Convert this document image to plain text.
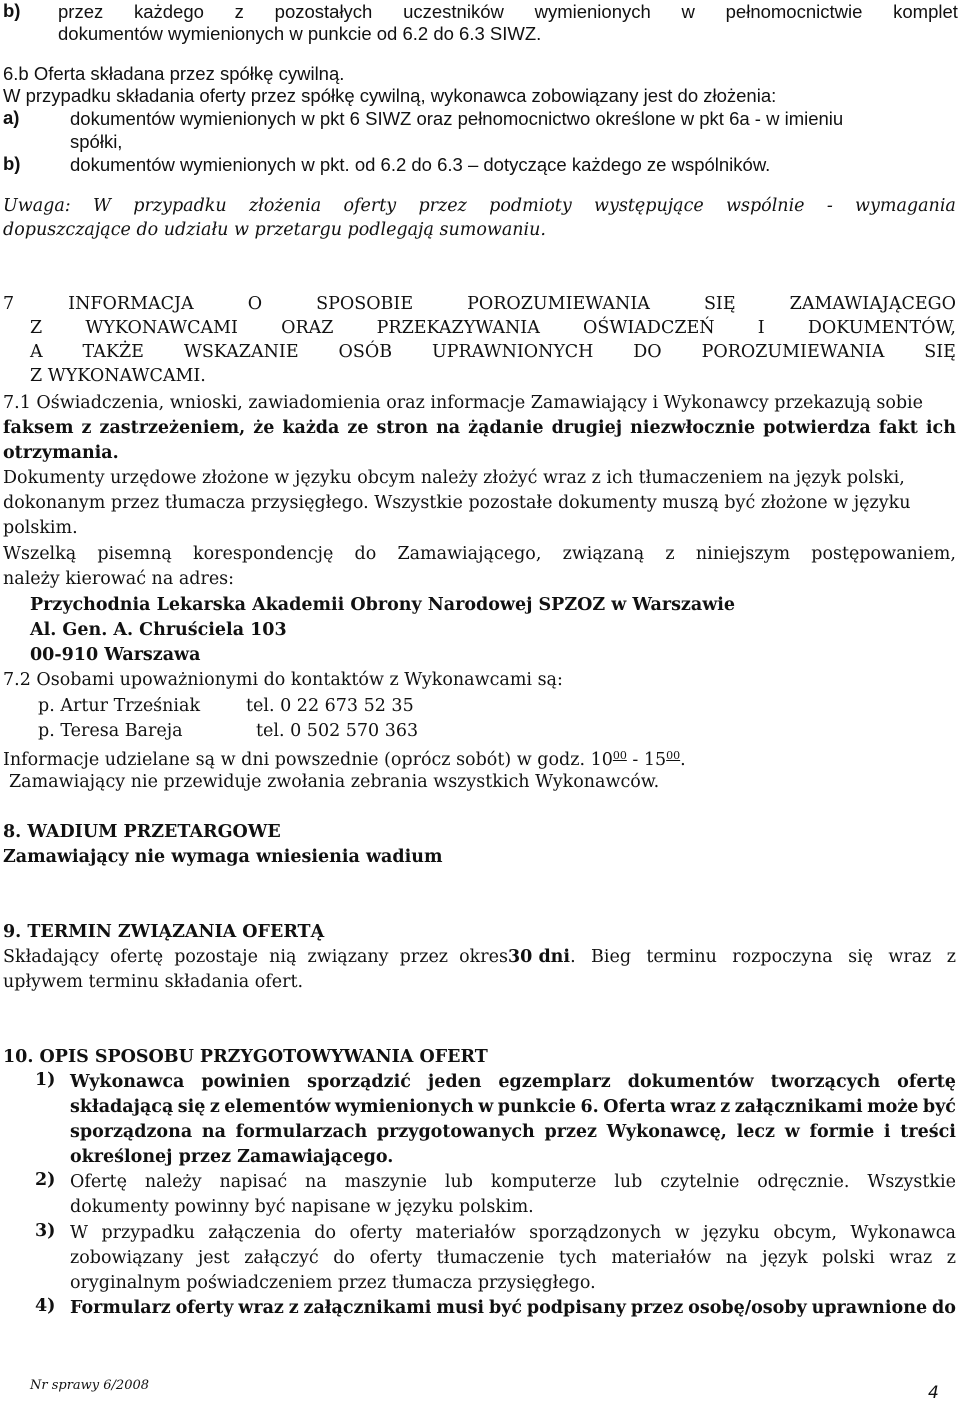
b) przez każdego z pozostałych uczestników wymienionych w pełnomocnictwie komplet
dokumentów wymienionych w punkcie od 6.2 do 6.3 SIWZ.
6.b Oferta składana przez spółkę cywilną.
W przypadku składania oferty przez spółkę cywilną, wykonawca zobowiązany jest do złożenia:
a)	dokumentów wymienionych w pkt 6 SIWZ oraz pełnomocnictwo określone w pkt 6a - w imieniu
spółki,
b)	dokumentów wymienionych w pkt. od 6.2 do 6.3 – dotyczące każdego ze wspólników.
Uwaga: W przypadku złożenia oferty przez podmioty występujące wspólnie - wymagania
dopuszczające do udziału w przetargu podlegają sumowaniu.
7	INFORMACJA	O	SPOSOBIE	POROZUMIEWANIA	SIĘ	ZAMAWIAJĄCEGO
Z WYKONAWCAMI ORAZ PRZEKAZYWANIA OŚWIADCZEŃ I DOKUMENTÓW,
A TAKŻE WSKAZANIE OSÓB UPRAWNIONYCH DO POROZUMIEWANIA SIĘ
Z WYKONAWCAMI.
7.1 Oświadczenia, wnioski, zawiadomienia oraz informacje Zamawiający i Wykonawcy przekazują sobie
faksem z zastrzeżeniem, że każda ze stron na żądanie drugiej niezwłocznie potwierdza fakt ich
otrzymania.
Dokumenty urzędowe złożone w języku obcym należy złożyć wraz z ich tłumaczeniem na język polski,
dokonanym przez tłumacza przysięgłego. Wszystkie pozostałe dokumenty muszą być złożone w języku
polskim.
Wszelką pisemną korespondencję do Zamawiającego, związaną z niniejszym postępowaniem,
należy kierować na adres:
Przychodnia Lekarska Akademii Obrony Narodowej SPZOZ w Warszawie
Al. Gen. A. Chruściela 103
00-910 Warszawa
7.2 Osobami upoważnionymi do kontaktów z Wykonawcami są:
p. Artur Trześniak	tel. 0 22 673 52 35
p. Teresa Bareja	tel. 0 502 570 363
Informacje udzielane są w dni powszednie (oprócz sobót) w godz. $10^{00} - 15^{00}$.
Zamawiający nie przewiduje zwołania zebrania wszystkich Wykonawców.
8. WADIUM PRZETARGOWE
Zamawiający nie wymaga wniesienia wadium
9. TERMIN ZWIĄZANIA OFERTĄ
Składający ofertę pozostaje nią związany przez okres 30 dni . Bieg terminu rozpoczyna się wraz z
upływem terminu składania ofert.
10. OPIS SPOSOBU PRZYGOTOWYWANIA OFERT
1) Wykonawca powinien sporządzić jeden egzemplarz dokumentów tworzących ofertę
składającą się z elementów wymienionych w punkcie 6. Oferta wraz z załącznikami może być
sporządzona na formularzach przygotowanych przez Wykonawcę, lecz w formie i treści
określonej przez Zamawiającego.
2) Ofertę należy napisać na maszynie lub komputerze lub czytelnie odręcznie. Wszystkie
dokumenty powinny być napisane w języku polskim.
3) W przypadku załączenia do oferty materiałów sporządzonych w języku obcym, Wykonawca
zobowiązany jest załączyć do oferty tłumaczenie tych materiałów na język polski wraz z
oryginalnym poświadczeniem przez tłumacza przysięgłego.
4) Formularz oferty wraz z załącznikami musi być podpisany przez osobę/osoby uprawnione do
Nr sprawy 6/2008	4
